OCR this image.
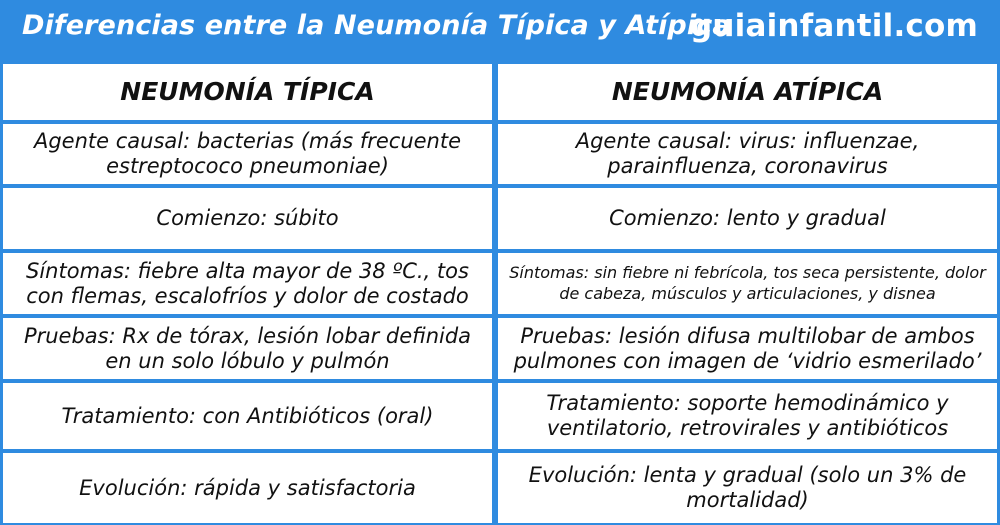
Diferencias entre la Neumonía Típica y Atípica
guiainfantil.com
NEUMONÍA TÍPICA	NEUMONÍA ATÍPICA
Agente causal: bacterias (más frecuente estreptococo pneumoniae)
Agente causal: virus: influenzae, parainfluenza, coronavirus
Comienzo: súbito	Comienzo: lento y gradual
Síntomas: fiebre alta mayor de 38 ºC., tos con flemas, escalofríos y dolor de costado
Síntomas: sin fiebre ni febrícola, tos seca persistente, dolor de cabeza, músculos y articulaciones, y disnea
Pruebas: Rx de tórax, lesión lobar definida en un solo lóbulo y pulmón
Pruebas: lesión difusa multilobar de ambos pulmones con imagen de ‘vidrio esmerilado’
Tratamiento: con Antibióticos (oral)
Tratamiento: soporte hemodinámico y ventilatorio, retrovirales y antibióticos
Evolución: rápida y satisfactoria
Evolución: lenta y gradual (solo un 3% de mortalidad)
